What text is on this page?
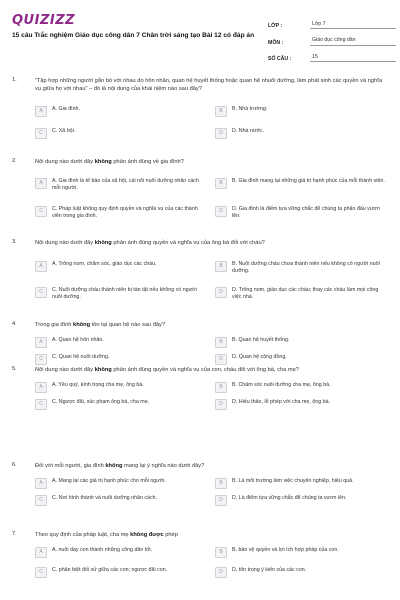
QUIZIZZ	LỚP :	Lớp 7
MÔN :	Giáo dục công dân
SỐ CÂU :	15
15 câu Trắc nghiệm Giáo dục công dân 7 Chân trời sáng tạo Bài 12 có đáp án
1.	“Tập hợp những người gắn bó với nhau do hôn nhân, quan hệ huyết thống hoặc quan hệ nhuôi dưỡng, làm phát sinh các quyền và nghĩa vụ giữa họ với nhau” – đó là nội dung của khái niệm nào sau đây?
A	A. Gia đình.	B	B. Nhà trường.
C	C. Xã hội.	D	D. Nhà nước.
2.	Nội dung nào dưới đây không phản ánh đúng về gia đình?
A	A. Gia đình là tế bào của xã hội, cái nôi nuôi dưỡng nhân cách mỗi người.
B	B. Gia đình mang lại những giá trị hạnh phúc của mỗi thành viên.
C	C. Pháp luật không quy định quyền và nghĩa vụ của các thành viên trong gia đình.
D	D. Gia đình là điểm tựa vững chắc để chúng ta phấn đấu vươn lên.
3.	Nội dung nào dưới đây không phản ánh đúng quyền và nghĩa vụ của ông bà đối với cháu?
A	A. Trông nom, chăm sóc, giáo dục các cháu.	B	B. Nuôi dưỡng cháu chưa thành niên nếu không có người nuôi dưỡng.
C	C. Nuôi dưỡng cháu thành niên bị tàn tật nếu không có người nuôi dưỡng.
D	D. Trông nom, giáo dục các cháu; thay các cháu làm mọi công việc nhà.
4.	Trong gia đình không tồn tại quan hệ nào sau đây?
A	A. Quan hệ hôn nhân.	B	B. Quan hệ huyết thống.
C	C. Quan hệ nuôi dưỡng.	D	D. Quan hệ cộng đồng.
5.	Nội dung nào dưới đây không phản ánh đúng quyền và nghĩa vụ của con, cháu đối với ông bà, cha mẹ?
A	A. Yêu quý, kính trọng cha mẹ, ông bà.	B	B. Chăm sóc nuôi dưỡng cha mẹ, ông bà.
C	C. Ngược đãi, xúc phạm ông bà, cha mẹ.	D	D. Hiếu thảo, lễ phép với cha mẹ, ông bà.
6.	Đối với mỗi người, gia đình không mang lại ý nghĩa nào dưới đây?
A	A. Mang lại các giá trị hạnh phúc cho mỗi người.	B	B. Là môi trường làm việc chuyên nghiệp, hiệu quả.
C	C. Nơi hình thành và nuôi dưỡng nhân cách.	D	D. Là điểm tựa vững chắc để chúng ta vươn lên.
7.	Theo quy định của pháp luật, cha mẹ không được phép
A	A. nuôi dạy con thành những công dân tốt.	B	B. bảo vệ quyền và lợi ích hợp pháp của con.
C	C. phân biệt đối xử giữa các con; ngược đãi con.	D	D. tôn trọng ý kiến của các con.
